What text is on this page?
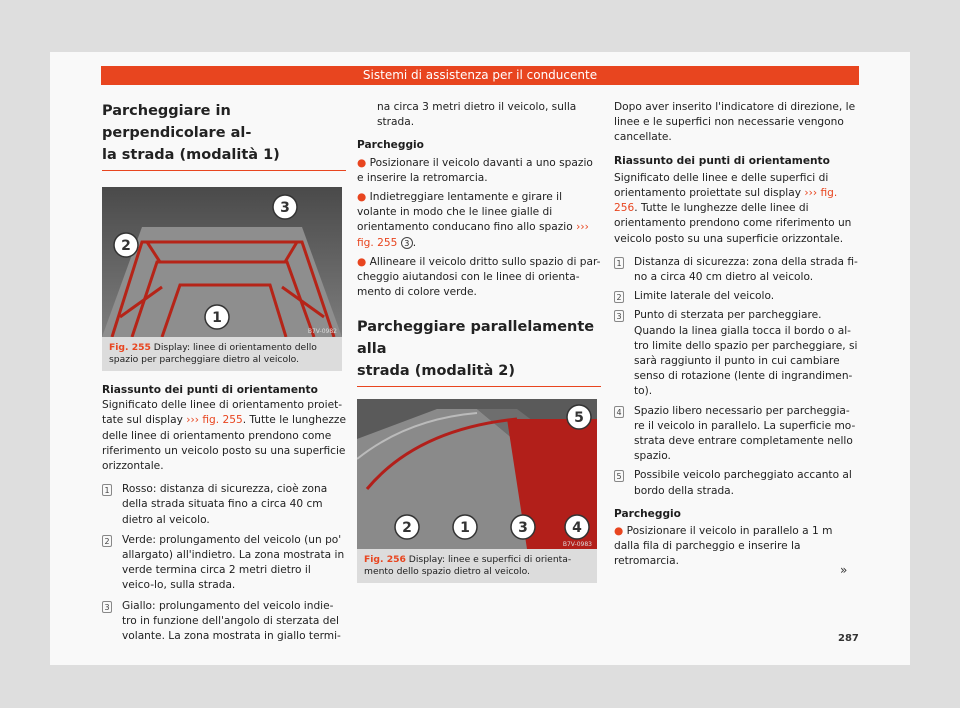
Sistemi di assistenza per il conducente
Parcheggiare in perpendicolare al-
la strada (modalità 1)
1
2
3
B7V-0982
Fig. 255 Display: linee di orientamento dello spazio per parcheggiare dietro al veicolo.

Riassunto dei punti di orientamento

Significato delle linee di orientamento proiet-tate sul display ››› fig. 255. Tutte le lunghezze delle linee di orientamento prendono come riferimento un veicolo posto su una superficie orizzontale.

1 Rosso: distanza di sicurezza, cioè zona della strada situata fino a circa 40 cm dietro al veicolo.
2 Verde: prolungamento del veicolo (un po' allargato) all'indietro. La zona mostrata in verde termina circa 2 metri dietro il veico-lo, sulla strada.
3 Giallo: prolungamento del veicolo indie-tro in funzione dell'angolo di sterzata del volante. La zona mostrata in giallo termi-

na circa 3 metri dietro il veicolo, sulla strada.

Parcheggio

● Posizionare il veicolo davanti a uno spazio e inserire la retromarcia.

● Indietreggiare lentamente e girare il volante in modo che le linee gialle di orientamento conducano fino allo spazio ››› fig. 255 3 .

● Allineare il veicolo dritto sullo spazio di par-cheggio aiutandosi con le linee di orienta-mento di colore verde.

Parcheggiare parallelamente alla
strada (modalità 2)
2	1	3	4
5
B7V-0983
Fig. 256 Display: linee e superfici di orienta-mento dello spazio dietro al veicolo.

Dopo aver inserito l'indicatore di direzione, le linee e le superfici non necessarie vengono cancellate.

Riassunto dei punti di orientamento

Significato delle linee e delle superfici di orientamento proiettate sul display ››› fig. 256. Tutte le lunghezze delle linee di orientamento prendono come riferimento un veicolo posto su una superficie orizzontale.

1 Distanza di sicurezza: zona della strada fi-no a circa 40 cm dietro al veicolo.
2 Limite laterale del veicolo.
3 Punto di sterzata per parcheggiare. Quando la linea gialla tocca il bordo o al-tro limite dello spazio per parcheggiare, si sarà raggiunto il punto in cui cambiare senso di rotazione (lente di ingrandimen-to).
4 Spazio libero necessario per parcheggia-re il veicolo in parallelo. La superficie mo-strata deve entrare completamente nello spazio.
5 Possibile veicolo parcheggiato accanto al bordo della strada.

Parcheggio

● Posizionare il veicolo in parallelo a 1 m dalla fila di parcheggio e inserire la retromarcia.

»
287
